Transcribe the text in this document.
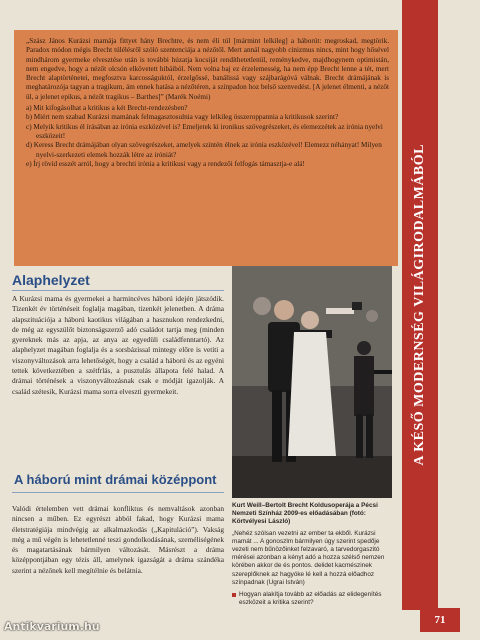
„Szász János Kurázsi mamája fittyet hány Brechtre, és nem éli túl [mármint lelkileg] a háborút: megroskad, megtörik. Paradox módon mégis Brecht túlélésről szóló szentenciája a nézőtől. Mert annál nagyobb cinizmus nincs, mint hogy hősével mindhárom gyermeke elvesztése után is további húzatja kocsiját rendíthetetlenül, reménykedve, majdhogynem optimistán, nem engedve, hogy a nézőt olcsón elkövetett hibáiból. Nem volna baj ez érzelemesség, ha nem épp Brecht lenne a tét, mert Brecht alaptörténetei, megfosztva karcosságuktól, érzelgőssé, banálissá vagy szájbarágóvá válnak. Brecht drámájának is meghatározója tagyan a tragikum, ám ennek hatása a nézőtéren, a színpadon hoz belső szenvedést. [A jelenet élmenti, a nézőt ül, a jelenet epikus, a nézőt tragikus – Barthes]” (Marék Noémi)

a) Mit kifogásolhat a kritikus a két Brecht-rendezésben?
b) Miért nem szabad Kurázsi mamának felmagasztosulnia vagy lelkileg összeroppannia a kritikusok szerint?
c) Melyik kritikus él írásában az irónia eszközével is? Emeljetek ki ironikus szövegrészeket, és elemezzétek az irónia nyelvi eszközeit!
d) Keress Brecht drámájában olyan szövegrészeket, amelyek szintén élnek az irónia eszközével! Elemezz néhányat! Milyen nyelvi-szerkezeti elemek hozzák létre az iróniát?
e) Írj rövid esszét arról, hogy a brechti irónia a kritikusi vagy a rendezői felfogás támasztja-e alá!	A KÉSŐ MODERNSÉG VILÁGIRODALMÁBÓL
Alaphelyzet
A Kurázsi mama és gyermekei a harmincéves háború idején játszódik. Tizenkét év történéseit foglalja magában, tizenkét jelenetben. A dráma alapszituációja a háború kaotikus világában a hasznukon rendezkedni, de még az egyszülőt biztonságszerző adó családot tartja meg (minden gyereknek más az apja, az anya az egyedüli családfenntartó). Az alaphelyzet magában foglalja és a sorsbázissal mintegy előre is vetíti a viszonyváltozások arra lehetőségét, hogy a család a háború és az egyéni tettek következtében a szétfrlás, a pusztulás állapota felé halad. A drámai történések a viszonyváltozásnak csak e módját igazolják. A család szétesik, Kurázsi mama sorra elveszti gyermekeit.
A háború mint drámai középpont
Valódi értelemben vett drámai konfliktus és nemvaltások azonban nincsen a műben. Ez egyrészt abból fakad, hogy Kurázsi mama életstratégiája mindvégig az alkalmazkodás („Kapituláció”). Vakság még a mű végén is lehetetlenné teszi gondolkodásának, személiségének és magatartásának bármilyen változását. Másrészt a dráma középpontjában egy tézis áll, amelynek igazságát a dráma szándéka szerint a nézőnek kell megítélnie és belátnia.
Kurt Weill–Bertolt Brecht Koldusoperája a Pécsi Nemzeti Színház 2009-es előadásában (fotó: Körtvélyesi László)
„Nehéz szólsan vezetni az ember ta ekből. Kurázsi mamát ... A gonoszlm bármilyen úgy szerint spedője vezeti nem bűnözőinket felzavaró, a tarvedorgaszitó mérései azonban a kényt adó a hozza szélső nemzen körében akkor de és pontos. delidet kacmészinek szereplőknek az hagyóke lé kell a hozzá előadhoz színpadnak (Ugrai István)
Hogyan alakítja tovább az előadás az elidegenítés eszközeit a kritika szerint?
71
Antikvarium.hu
